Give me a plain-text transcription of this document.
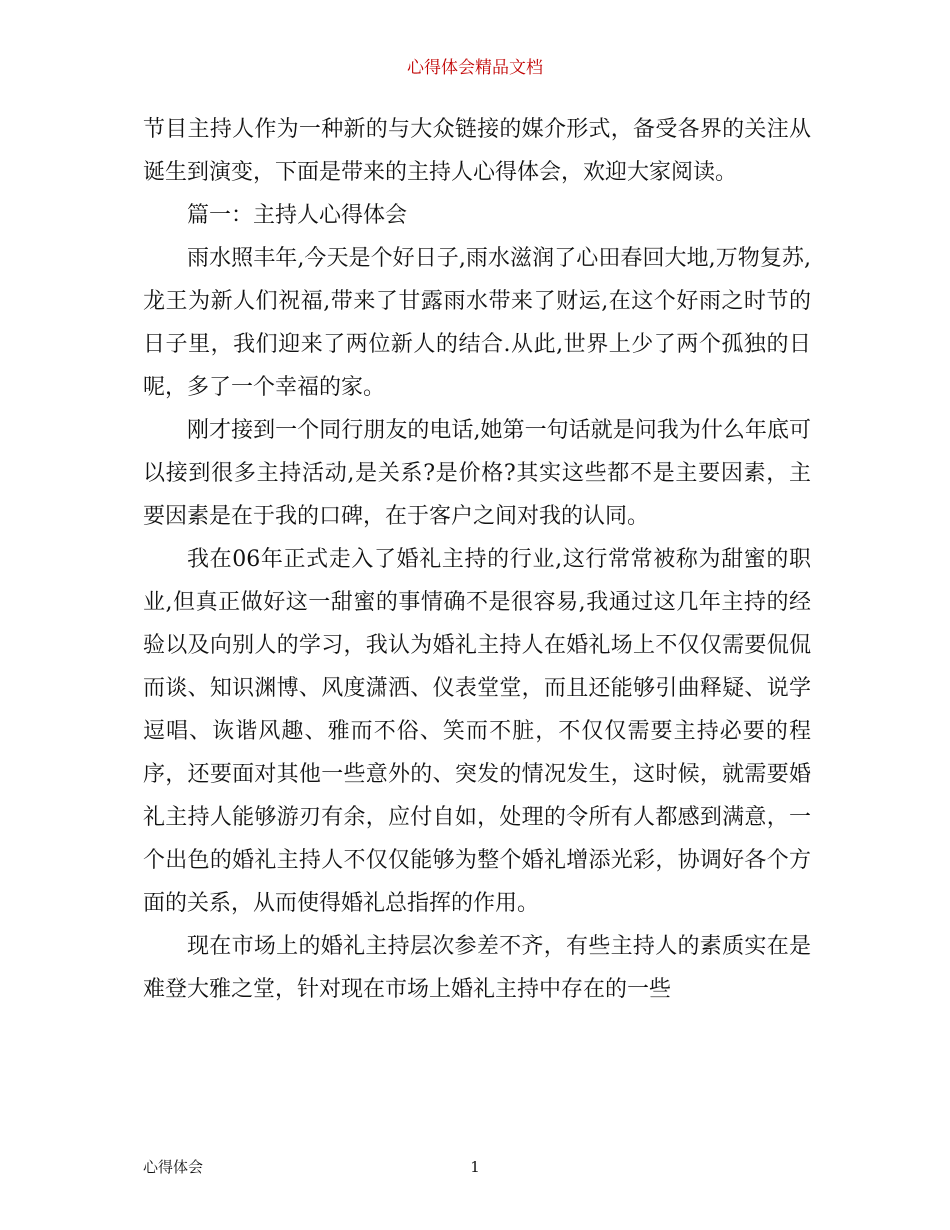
心得体会精品文档

节目主持人作为一种新的与大众链接的媒介形式，备受各界的关注从诞生到演变，下面是带来的主持人心得体会，欢迎大家阅读。

篇一：主持人心得体会

雨水照丰年,今天是个好日子,雨水滋润了心田春回大地,万物复苏,龙王为新人们祝福,带来了甘露雨水带来了财运,在这个好雨之时节的日子里，我们迎来了两位新人的结合.从此,世界上少了两个孤独的日呢，多了一个幸福的家。

刚才接到一个同行朋友的电话,她第一句话就是问我为什么年底可以接到很多主持活动,是关系?是价格?其实这些都不是主要因素，主要因素是在于我的口碑，在于客户之间对我的认同。

我在06年正式走入了婚礼主持的行业,这行常常被称为甜蜜的职业,但真正做好这一甜蜜的事情确不是很容易,我通过这几年主持的经验以及向别人的学习，我认为婚礼主持人在婚礼场上不仅仅需要侃侃而谈、知识渊博、风度潇洒、仪表堂堂，而且还能够引曲释疑、说学逗唱、诙谐风趣、雅而不俗、笑而不脏，不仅仅需要主持必要的程序，还要面对其他一些意外的、突发的情况发生，这时候，就需要婚礼主持人能够游刃有余，应付自如，处理的令所有人都感到满意，一个出色的婚礼主持人不仅仅能够为整个婚礼增添光彩，协调好各个方面的关系，从而使得婚礼总指挥的作用。

现在市场上的婚礼主持层次参差不齐，有些主持人的素质实在是难登大雅之堂，针对现在市场上婚礼主持中存在的一些

心得体会	1
